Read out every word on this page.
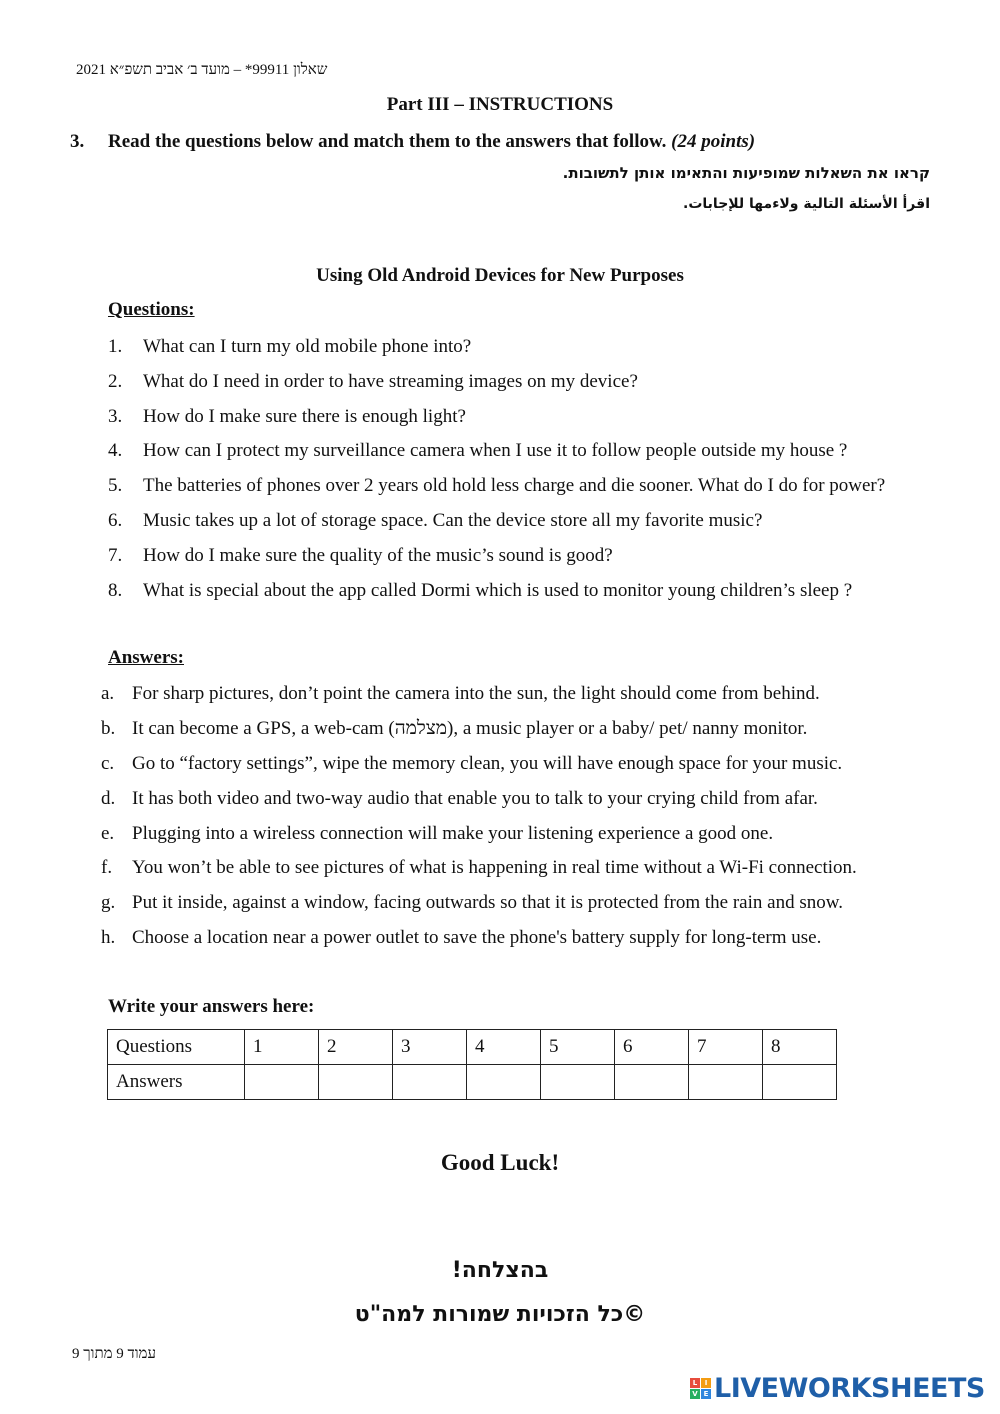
שאלון 99911* – מועד ב׳ אביב תשפ״א 2021
Part III – INSTRUCTIONS
3. Read the questions below and match them to the answers that follow. (24 points)
קראו את השאלות שמופיעות והתאימו אותן לתשובות.
اقرأ الأسئلة التالية ولاءمها للإجابات.
Using Old Android Devices for New Purposes
Questions:
1.	What can I turn my old mobile phone into?
2.	What do I need in order to have streaming images on my device?
3.	How do I make sure there is enough light?
4.	How can I protect my surveillance camera when I use it to follow people outside my house ?
5.	The batteries of phones over 2 years old hold less charge and die sooner. What do I do for power?
6.	Music takes up a lot of storage space. Can the device store all my favorite music?
7.	How do I make sure the quality of the music’s sound is good?
8.	What is special about the app called Dormi which is used to monitor young children’s sleep ?
Answers:
a. For sharp pictures, don’t point the camera into the sun, the light should come from behind.
b. It can become a GPS, a web-cam (מצלמה), a music player or a baby/ pet/ nanny monitor.
c. Go to “factory settings”, wipe the memory clean, you will have enough space for your music.
d. It has both video and two-way audio that enable you to talk to your crying child from afar.
e. Plugging into a wireless connection will make your listening experience a good one.
f.	You won’t be able to see pictures of what is happening in real time without a Wi-Fi connection.
g. Put it inside, against a window, facing outwards so that it is protected from the rain and snow.
h. Choose a location near a power outlet to save the phone's battery supply for long-term use.
Write your answers here:
Questions	1	2	3	4	5	6	7	8
Answers								
Good Luck!
בהצלחה!
©כל הזכויות שמורות למה"ט
עמוד 9 מתוך 9
L	I
V E LIVEWORKSHEETS
